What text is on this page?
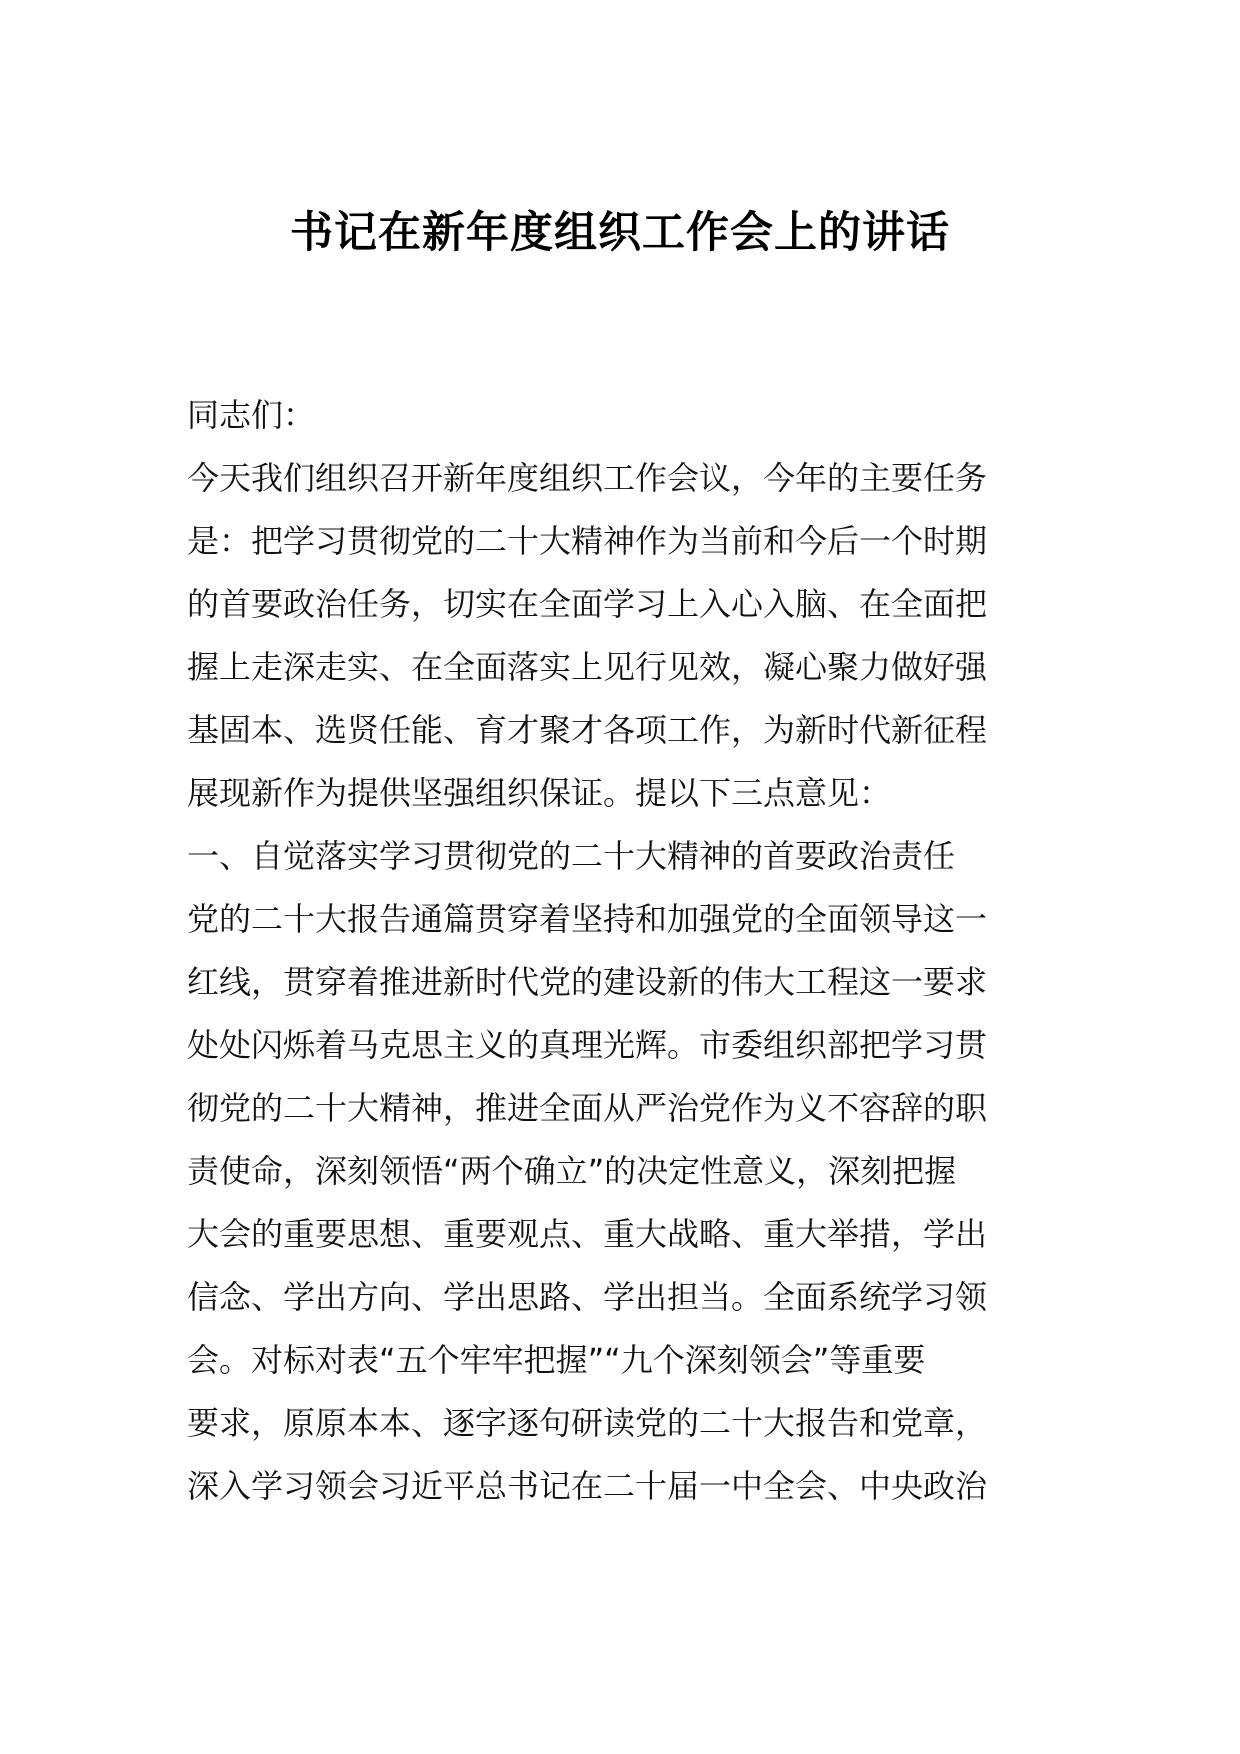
书记在新年度组织工作会上的讲话
同志们：
今天我们组织召开新年度组织工作会议，今年的主要任务
是：把学习贯彻党的二十大精神作为当前和今后一个时期
的首要政治任务，切实在全面学习上入心入脑、在全面把
握上走深走实、在全面落实上见行见效，凝心聚力做好强
基固本、选贤任能、育才聚才各项工作，为新时代新征程
展现新作为提供坚强组织保证。提以下三点意见：
一、自觉落实学习贯彻党的二十大精神的首要政治责任
党的二十大报告通篇贯穿着坚持和加强党的全面领导这一
红线，贯穿着推进新时代党的建设新的伟大工程这一要求
处处闪烁着马克思主义的真理光辉。市委组织部把学习贯
彻党的二十大精神，推进全面从严治党作为义不容辞的职
责使命，深刻领悟“两个确立”的决定性意义，深刻把握
大会的重要思想、重要观点、重大战略、重大举措，学出
信念、学出方向、学出思路、学出担当。全面系统学习领
会。对标对表“五个牢牢把握”“九个深刻领会”等重要
要求，原原本本、逐字逐句研读党的二十大报告和党章，
深入学习领会习近平总书记在二十届一中全会、中央政治
